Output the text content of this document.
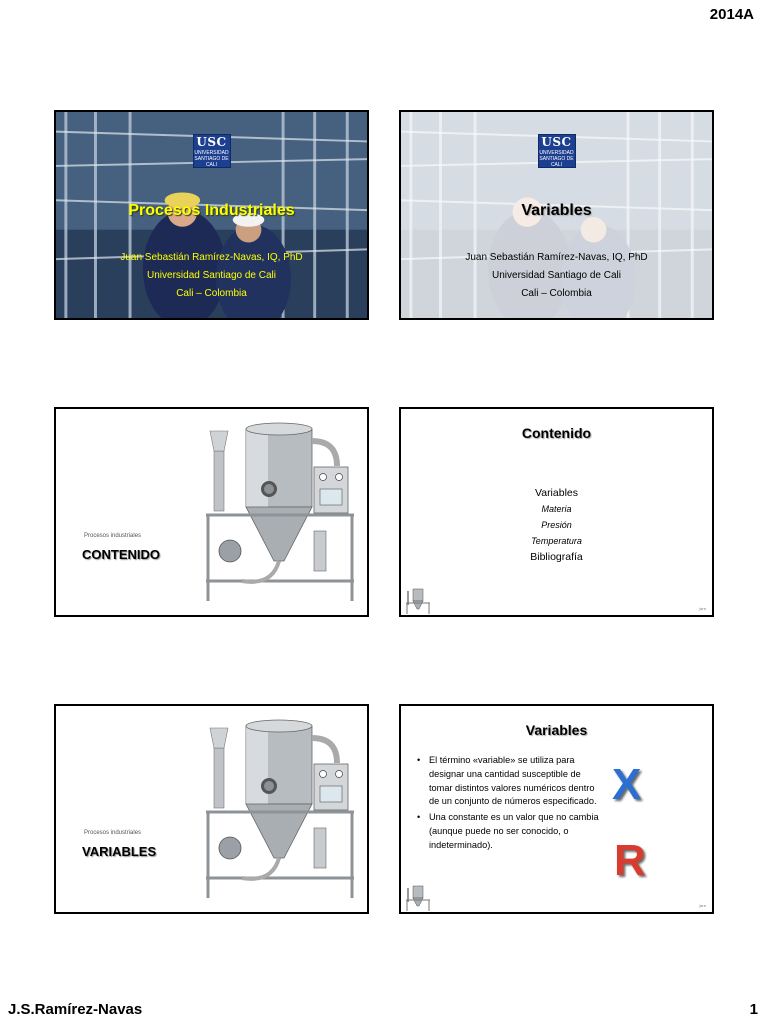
2014A
USC
UNIVERSIDAD SANTIAGO DE CALI
Procesos Industriales
Juan Sebastián Ramírez-Navas, IQ, PhD
Universidad Santiago de Cali
Cali – Colombia
USC
UNIVERSIDAD SANTIAGO DE CALI
Variables
Juan Sebastián Ramírez-Navas, IQ, PhD
Universidad Santiago de Cali
Cali – Colombia
Procesos industriales
CONTENIDO
Contenido
Variables
Materia
Presión
Temperatura
Bibliografía
jsrn
Procesos industriales
VARIABLES
Variables
• El término «variable» se utiliza para designar una cantidad susceptible de tomar distintos valores numéricos dentro de un conjunto de números especificado.
• Una constante es un valor que no cambia (aunque puede no ser conocido, o indeterminado).
X
R
jsrn
J.S.Ramírez-Navas	1
